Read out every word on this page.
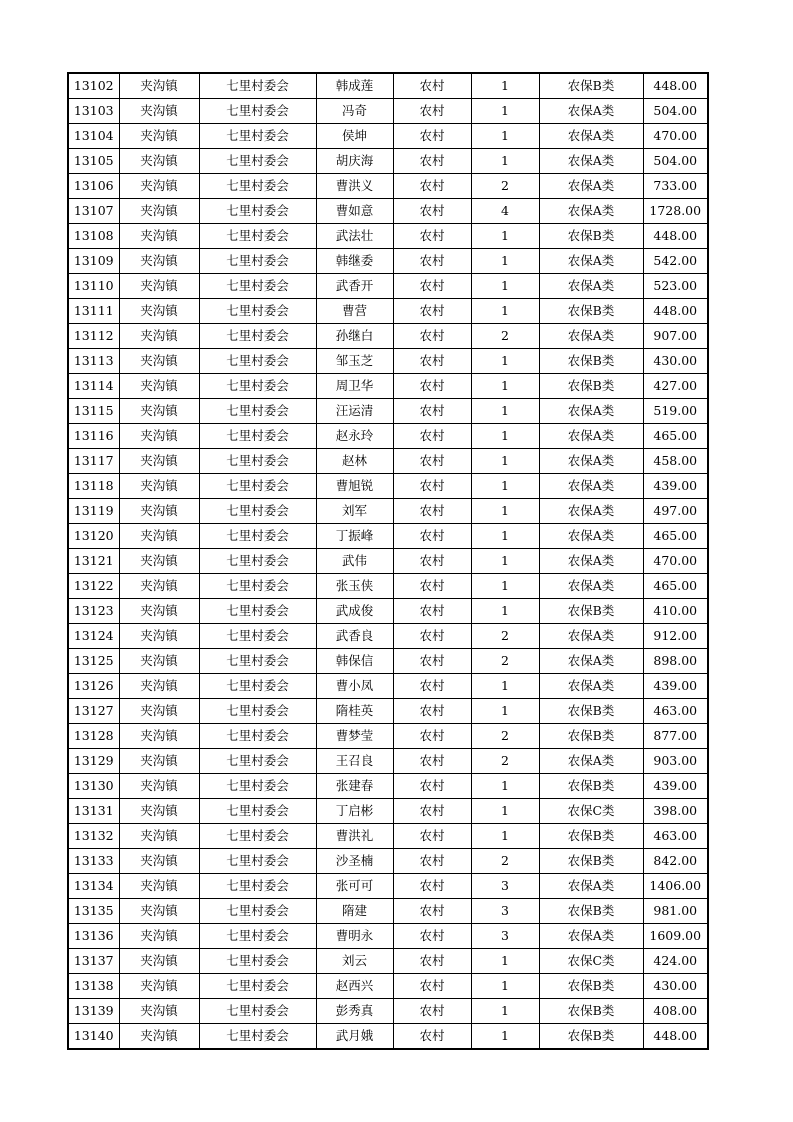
13102	夹沟镇	七里村委会	韩成莲	农村	1	农保B类	448.00
13103	夹沟镇	七里村委会	冯奇	农村	1	农保A类	504.00
13104	夹沟镇	七里村委会	侯坤	农村	1	农保A类	470.00
13105	夹沟镇	七里村委会	胡庆海	农村	1	农保A类	504.00
13106	夹沟镇	七里村委会	曹洪义	农村	2	农保A类	733.00
13107	夹沟镇	七里村委会	曹如意	农村	4	农保A类	1728.00
13108	夹沟镇	七里村委会	武法壮	农村	1	农保B类	448.00
13109	夹沟镇	七里村委会	韩继委	农村	1	农保A类	542.00
13110	夹沟镇	七里村委会	武香开	农村	1	农保A类	523.00
13111	夹沟镇	七里村委会	曹营	农村	1	农保B类	448.00
13112	夹沟镇	七里村委会	孙继白	农村	2	农保A类	907.00
13113	夹沟镇	七里村委会	邹玉芝	农村	1	农保B类	430.00
13114	夹沟镇	七里村委会	周卫华	农村	1	农保B类	427.00
13115	夹沟镇	七里村委会	汪运清	农村	1	农保A类	519.00
13116	夹沟镇	七里村委会	赵永玲	农村	1	农保A类	465.00
13117	夹沟镇	七里村委会	赵林	农村	1	农保A类	458.00
13118	夹沟镇	七里村委会	曹旭锐	农村	1	农保A类	439.00
13119	夹沟镇	七里村委会	刘军	农村	1	农保A类	497.00
13120	夹沟镇	七里村委会	丁振峰	农村	1	农保A类	465.00
13121	夹沟镇	七里村委会	武伟	农村	1	农保A类	470.00
13122	夹沟镇	七里村委会	张玉侠	农村	1	农保A类	465.00
13123	夹沟镇	七里村委会	武成俊	农村	1	农保B类	410.00
13124	夹沟镇	七里村委会	武香良	农村	2	农保A类	912.00
13125	夹沟镇	七里村委会	韩保信	农村	2	农保A类	898.00
13126	夹沟镇	七里村委会	曹小凤	农村	1	农保A类	439.00
13127	夹沟镇	七里村委会	隋桂英	农村	1	农保B类	463.00
13128	夹沟镇	七里村委会	曹梦莹	农村	2	农保B类	877.00
13129	夹沟镇	七里村委会	王召良	农村	2	农保A类	903.00
13130	夹沟镇	七里村委会	张建春	农村	1	农保B类	439.00
13131	夹沟镇	七里村委会	丁启彬	农村	1	农保C类	398.00
13132	夹沟镇	七里村委会	曹洪礼	农村	1	农保B类	463.00
13133	夹沟镇	七里村委会	沙圣楠	农村	2	农保B类	842.00
13134	夹沟镇	七里村委会	张可可	农村	3	农保A类	1406.00
13135	夹沟镇	七里村委会	隋建	农村	3	农保B类	981.00
13136	夹沟镇	七里村委会	曹明永	农村	3	农保A类	1609.00
13137	夹沟镇	七里村委会	刘云	农村	1	农保C类	424.00
13138	夹沟镇	七里村委会	赵西兴	农村	1	农保B类	430.00
13139	夹沟镇	七里村委会	彭秀真	农村	1	农保B类	408.00
13140	夹沟镇	七里村委会	武月娥	农村	1	农保B类	448.00
